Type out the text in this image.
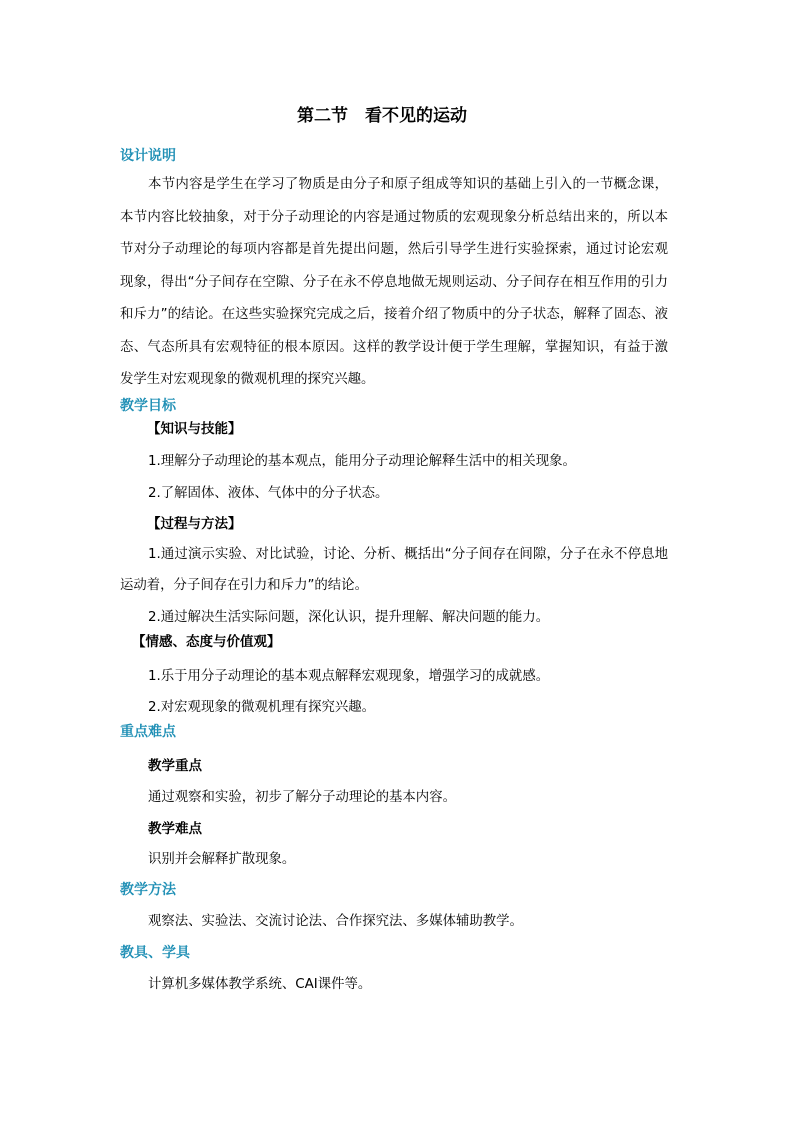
第二节　看不见的运动
设计说明

本节内容是学生在学习了物质是由分子和原子组成等知识的基础上引入的一节概念课，本节内容比较抽象，对于分子动理论的内容是通过物质的宏观现象分析总结出来的，所以本节对分子动理论的每项内容都是首先提出问题，然后引导学生进行实验探索，通过讨论宏观现象，得出“分子间存在空隙、分子在永不停息地做无规则运动、分子间存在相互作用的引力和斥力”的结论。在这些实验探究完成之后，接着介绍了物质中的分子状态，解释了固态、液态、气态所具有宏观特征的根本原因。这样的教学设计便于学生理解，掌握知识，有益于激发学生对宏观现象的微观机理的探究兴趣。

教学目标
【知识与技能】
1.理解分子动理论的基本观点，能用分子动理论解释生活中的相关现象。
2.了解固体、液体、气体中的分子状态。
【过程与方法】

1.通过演示实验、对比试验，讨论、分析、概括出“分子间存在间隙，分子在永不停息地运动着，分子间存在引力和斥力”的结论。

2.通过解决生活实际问题，深化认识，提升理解、解决问题的能力。
【情感、态度与价值观】
1.乐于用分子动理论的基本观点解释宏观现象，增强学习的成就感。
2.对宏观现象的微观机理有探究兴趣。
重点难点
教学重点
通过观察和实验，初步了解分子动理论的基本内容。
教学难点
识别并会解释扩散现象。
教学方法
观察法、实验法、交流讨论法、合作探究法、多媒体辅助教学。
教具、学具
计算机多媒体教学系统、CAI课件等。
